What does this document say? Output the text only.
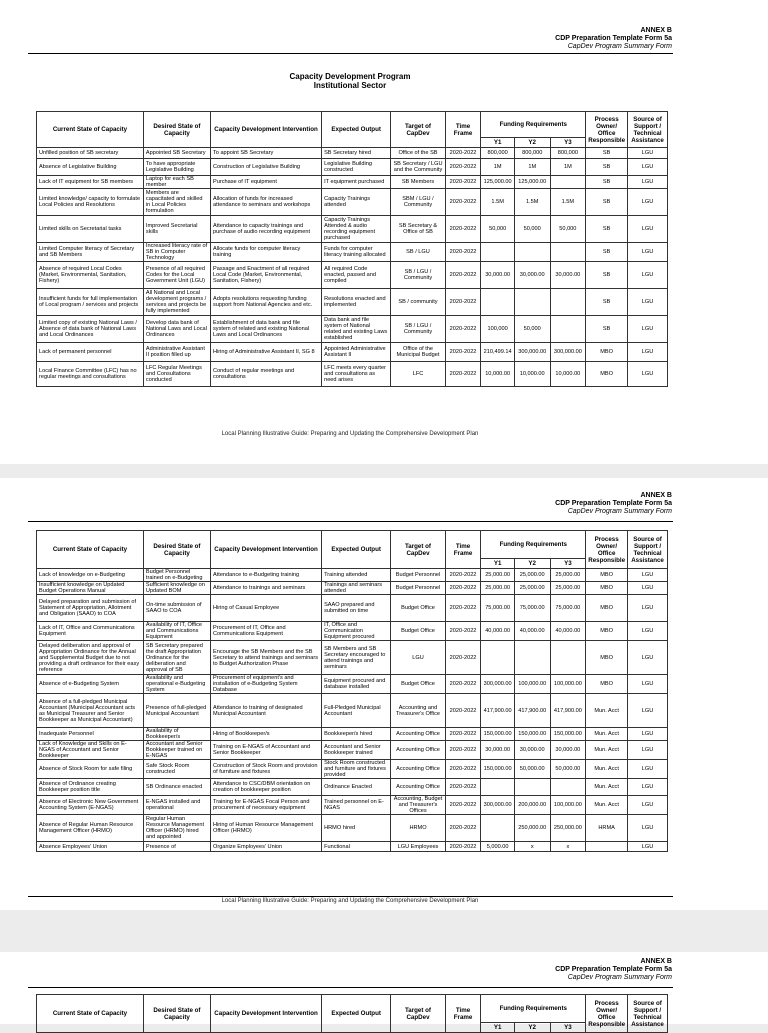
ANNEX B
CDP Preparation Template Form 5a
CapDev Program Summary Form
Capacity Development Program
Institutional Sector
Current State of Capacity	Desired State of Capacity	Capacity Development Intervention	Expected Output	Target of CapDev	Time Frame	Funding Requirements			Process Owner/ Office Responsible	Source of Support / Technical Assistance
						Y1	Y2	Y3		
Unfilled position of SB secretary	Appointed SB Secretary	To appoint SB Secretary	SB Secretary hired	Office of the SB	2020-2022	800,000	800,000	800,000	SB	LGU
Absence of Legislative Building	To have appropriate Legislative Building	Construction of Legislative Building	Legislative Building constructed	SB Secretary / LGU and the Community	2020-2022	1M	1M	1M	SB	LGU
Lack of IT equipment for SB members	Laptop for each SB member	Purchase of IT equipment	IT equipment purchased	SB Members	2020-2022	125,000.00	125,000.00		SB	LGU
Limited knowledge/ capacity to formulate Local Policies and Resolutions	Members are capacitated and skilled in Local Policies formulation	Allocation of funds for increased attendance to seminars and workshops	Capacity Trainings attended	SBM / LGU / Community	2020-2022	1.5M	1.5M	1.5M	SB	LGU
Limited skills on Secretarial tasks	Improved Secretarial skills	Attendance to capacity trainings and purchase of audio recording equipment	Capacity Trainings Attended & audio recording equipment purchased	SB Secretary & Office of SB	2020-2022	50,000	50,000	50,000	SB	LGU
Limited Computer literacy of Secretary and SB Members	Increased literacy rate of SB in Computer Technology	Allocate funds for computer literacy training	Funds for computer literacy training allocated	SB / LGU	2020-2022				SB	LGU
Absence of required Local Codes (Market, Environmental, Sanitation, Fishery)	Presence of all required Codes for the Local Government Unit (LGU)	Passage and Enactment of all required Local Code (Market, Environmental, Sanitation, Fishery)	All required Code enacted, passed and compiled	SB / LGU / Community	2020-2022	30,000.00	30,000.00	30,000.00	SB	LGU
Insufficient funds for full implementation of Local program / services and projects	All National and Local development programs / services and projects be fully implemented	Adopts resolutions requesting funding support from National Agencies and etc.	Resolutions enacted and implemented	SB / community	2020-2022				SB	LGU
Limited copy of existing National Laws / Absence of data bank of National Laws and Local Ordinances	Develop data bank of National Laws and Local Ordinances	Establishment of data bank and file system of related and existing National Laws and Local Ordinances	Data bank and file system of National related and existing Laws established	SB / LGU / Community	2020-2022	100,000	50,000		SB	LGU
Lack of permanent personnel	Administrative Assistant II position filled up	Hiring of Administrative Assistant II, SG 8	Appointed Administrative Assistant II	Office of the Municipal Budget	2020-2022	210,499.14	300,000.00	300,000.00	MBO	LGU
Local Finance Committee (LFC) has no regular meetings and consultations	LFC Regular Meetings and Consultations conducted	Conduct of regular meetings and consultations	LFC meets every quarter and consultations as need arises	LFC	2020-2022	10,000.00	10,000.00	10,000.00	MBO	LGU
Local Planning Illustrative Guide: Preparing and Updating the Comprehensive Development Plan
ANNEX B
CDP Preparation Template Form 5a
CapDev Program Summary Form
Current State of Capacity	Desired State of Capacity	Capacity Development Intervention	Expected Output	Target of CapDev	Time Frame	Funding Requirements			Process Owner/ Office Responsible	Source of Support / Technical Assistance
						Y1	Y2	Y3		
Lack of knowledge on e-Budgeting	Budget Personnel trained on e-Budgeting	Attendance to e-Budgeting training	Training attended	Budget Personnel	2020-2022	25,000.00	25,000.00	25,000.00	MBO	LGU
Insufficient knowledge on Updated Budget Operations Manual	Sufficient knowledge on Updated BOM	Attendance to trainings and seminars	Trainings and seminars attended	Budget Personnel	2020-2022	25,000.00	25,000.00	25,000.00	MBO	LGU
Delayed preparation and submission of Statement of Appropriation, Allotment and Obligation (SAAO) to COA	On-time submission of SAAO to COA	Hiring of Casual Employee	SAAO prepared and submitted on time	Budget Office	2020-2022	75,000.00	75,000.00	75,000.00	MBO	LGU
Lack of IT, Office and Communications Equipment	Availability of IT, Office and Communications Equipment	Procurement of IT, Office and Communications Equipment	IT, Office and Communication Equipment procured	Budget Office	2020-2022	40,000.00	40,000.00	40,000.00	MBO	LGU
Delayed deliberation and approval of Appropriation Ordinance for the Annual and Supplemental Budget due to not providing a draft ordinance for their easy reference	SB Secretary prepared the draft Appropriation Ordinance for the deliberation and approval of SB	Encourage the SB Members and the SB Secretary to attend trainings and seminars to Budget Authorization Phase	SB Members and SB Secretary encouraged to attend trainings and seminars	LGU	2020-2022				MBO	LGU
Absence of e-Budgeting System	Availability and operational e-Budgeting System	Procurement of equipment's and installation of e-Budgeting System Database	Equipment procured and database installed	Budget Office	2020-2022	300,000.00	100,000.00	100,000.00	MBO	LGU
Absence of a full-pledged Municipal Accountant (Municipal Accountant acts as Municipal Treasurer and Senior Bookkeeper as Municipal Accountant)	Presence of full-pledged Municipal Accountant	Attendance to training of designated Municipal Accountant	Full-Pledged Municipal Accountant	Accounting and Treasurer's Office	2020-2022	417,900.00	417,900.00	417,900.00	Mun. Acct	LGU
Inadequate Personnel	Availability of Bookkeeper/s	Hiring of Bookkeeper/s	Bookkeeper/s hired	Accounting Office	2020-2022	150,000.00	150,000.00	150,000.00	Mun. Acct	LGU
Lack of Knowledge and Skills on E-NGAS of Accountant and Senior Bookkeeper	Accountant and Senior Bookkeeper trained on E-NGAS	Training on E-NGAS of Accountant and Senior Bookkeeper	Accountant and Senior Bookkeeper trained	Accounting Office	2020-2022	30,000.00	30,000.00	30,000.00	Mun. Acct	LGU
Absence of Stock Room for safe filing	Safe Stock Room constructed	Construction of Stock Room and provision of furniture and fixtures	Stock Room constructed and furniture and fixtures provided	Accounting Office	2020-2022	150,000.00	50,000.00	50,000.00	Mun. Acct	LGU
Absence of Ordinance creating Bookkeeper position title	SB Ordinance enacted	Attendance to CSC/DBM orientation on creation of bookkeeper position	Ordinance Enacted	Accounting Office	2020-2022				Mun. Acct	LGU
Absence of Electronic New Government Accounting System (E-NGAS)	E-NGAS installed and operational	Training for E-NGAS Focal Person and procurement of necessary equipment	Trained personnel on E-NGAS	Accounting, Budget and Treasurer's Offices	2020-2022	300,000.00	200,000.00	100,000.00	Mun. Acct	LGU
Absence of Regular Human Resource Management Officer (HRMO)	Regular Human Resource Management Officer (HRMO) hired and appointed	Hiring of Human Resource Management Officer (HRMO)	HRMO hired	HRMO	2020-2022		250,000.00	250,000.00	HRMA	LGU
Absence Employees' Union	Presence of	Organize Employees' Union	Functional	LGU Employees	2020-2022	5,000.00	x	x		LGU
Local Planning Illustrative Guide: Preparing and Updating the Comprehensive Development Plan
ANNEX B
CDP Preparation Template Form 5a
CapDev Program Summary Form
Current State of Capacity	Desired State of Capacity	Capacity Development Intervention	Expected Output	Target of CapDev	Time Frame	Funding Requirements			Process Owner/ Office Responsible	Source of Support / Technical Assistance
						Y1	Y2	Y3		
